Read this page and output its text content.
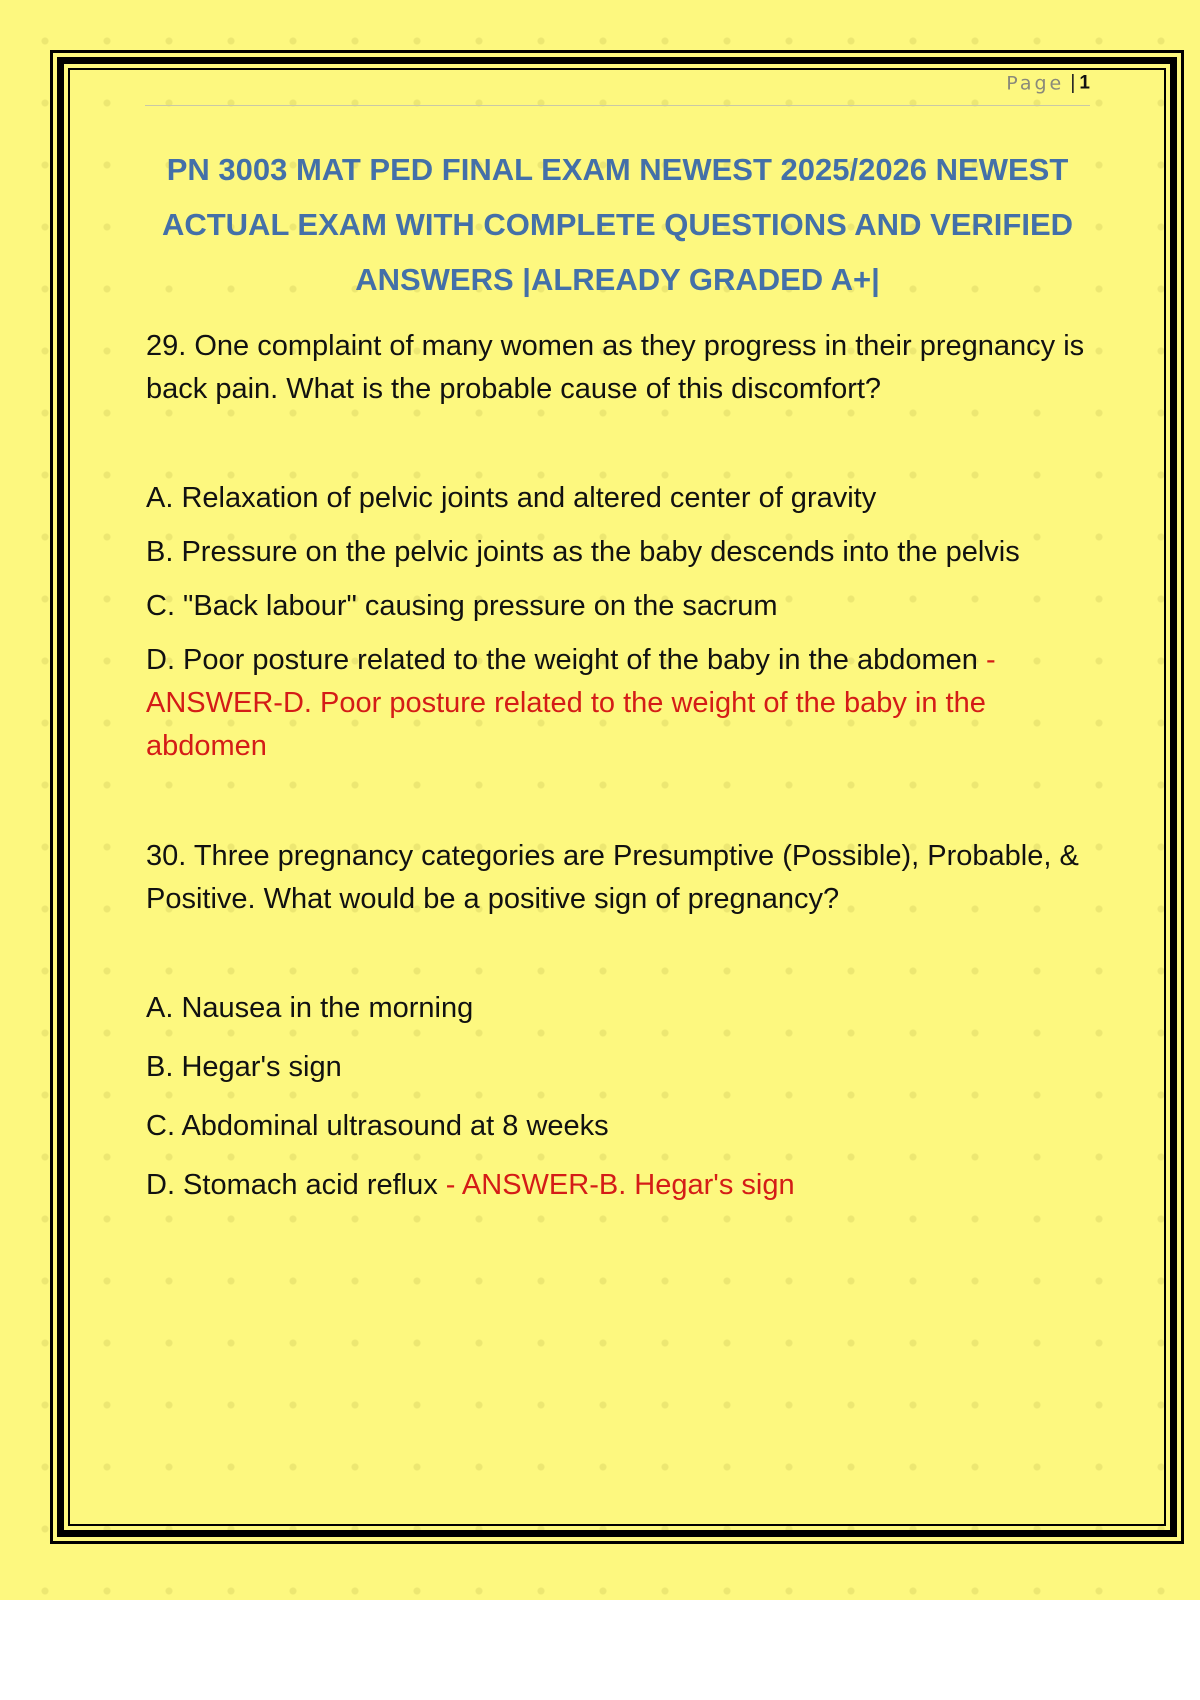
Page | 1
PN 3003 MAT PED FINAL EXAM NEWEST 2025/2026 NEWEST ACTUAL EXAM WITH COMPLETE QUESTIONS AND VERIFIED ANSWERS |ALREADY GRADED A+|

29. One complaint of many women as they progress in their pregnancy is back pain. What is the probable cause of this discomfort?

A. Relaxation of pelvic joints and altered center of gravity

B. Pressure on the pelvic joints as the baby descends into the pelvis

C. "Back labour" causing pressure on the sacrum

D. Poor posture related to the weight of the baby in the abdomen - ANSWER-D. Poor posture related to the weight of the baby in the abdomen

30. Three pregnancy categories are Presumptive (Possible), Probable, & Positive. What would be a positive sign of pregnancy?

A. Nausea in the morning

B. Hegar's sign

C. Abdominal ultrasound at 8 weeks

D. Stomach acid reflux - ANSWER-B. Hegar's sign
